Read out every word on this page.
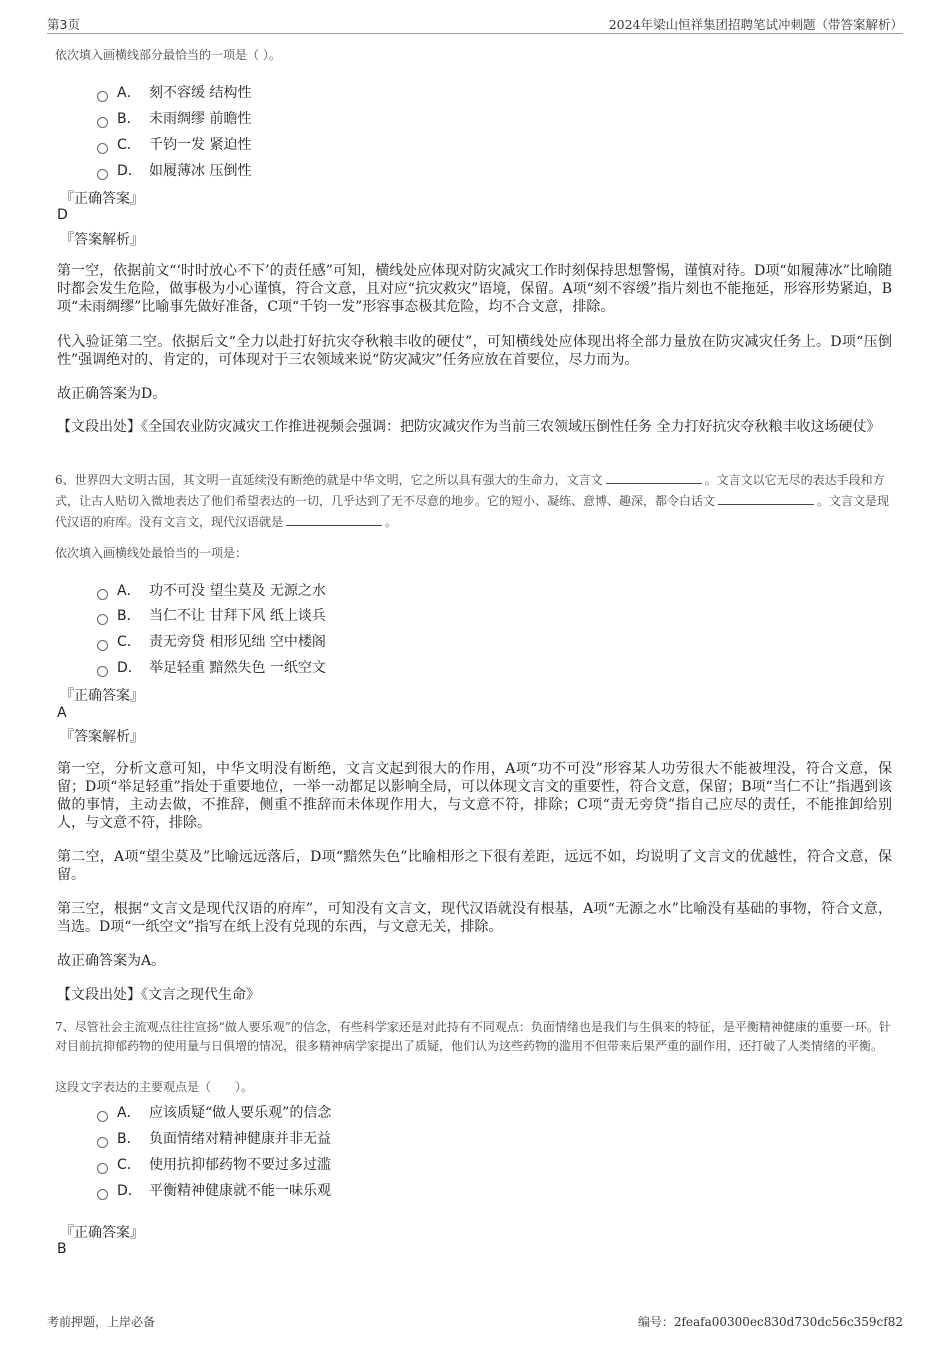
第3页	2024年梁山恒祥集团招聘笔试冲刺题（带答案解析）
依次填入画横线部分最恰当的一项是（ ）。
A． 刻不容缓 结构性
B． 未雨绸缪 前瞻性
C． 千钧一发 紧迫性
D． 如履薄冰 压倒性
『正确答案』
D
『答案解析』
第一空，依据前文“‘时时放心不下’的责任感”可知，横线处应体现对防灾减灾工作时刻保持思想警惕，谨慎对待。D项“如履薄冰”比喻随时都会发生危险，做事极为小心谨慎，符合文意，且对应“抗灾救灾”语境，保留。A项“刻不容缓”指片刻也不能拖延，形容形势紧迫，B项“未雨绸缪”比喻事先做好准备，C项“千钧一发”形容事态极其危险，均不合文意，排除。
代入验证第二空。依据后文“全力以赴打好抗灾夺秋粮丰收的硬仗”，可知横线处应体现出将全部力量放在防灾减灾任务上。D项“压倒性”强调绝对的、肯定的，可体现对于三农领域来说“防灾减灾”任务应放在首要位，尽力而为。
故正确答案为D。
【文段出处】《全国农业防灾减灾工作推进视频会强调：把防灾减灾作为当前三农领域压倒性任务 全力打好抗灾夺秋粮丰收这场硬仗》
6、世界四大文明古国，其文明一直延续没有断绝的就是中华文明，它之所以具有强大的生命力，文言文	。文言文以它无尽的表达手段和方式，让古人贴切入微地表达了他们希望表达的一切，几乎达到了无不尽意的地步。它的短小、凝练、意博、趣深，都令白话文	。文言文是现代汉语的府库。没有文言文，现代汉语就是	。
依次填入画横线处最恰当的一项是：
A． 功不可没 望尘莫及 无源之水
B． 当仁不让 甘拜下风 纸上谈兵
C． 责无旁贷 相形见绌 空中楼阁
D． 举足轻重 黯然失色 一纸空文
『正确答案』
A
『答案解析』
第一空，分析文意可知，中华文明没有断绝，文言文起到很大的作用，A项“功不可没”形容某人功劳很大不能被埋没，符合文意，保留；D项“举足轻重”指处于重要地位，一举一动都足以影响全局，可以体现文言文的重要性，符合文意，保留；B项“当仁不让”指遇到该做的事情，主动去做，不推辞，侧重不推辞而未体现作用大，与文意不符，排除；C项“责无旁贷”指自己应尽的责任，不能推卸给别人，与文意不符，排除。
第二空，A项“望尘莫及”比喻远远落后，D项“黯然失色”比喻相形之下很有差距，远远不如，均说明了文言文的优越性，符合文意，保留。
第三空，根据“文言文是现代汉语的府库”，可知没有文言文，现代汉语就没有根基，A项“无源之水”比喻没有基础的事物，符合文意，当选。D项“一纸空文”指写在纸上没有兑现的东西，与文意无关，排除。
故正确答案为A。
【文段出处】《文言之现代生命》
7、尽管社会主流观点往往宣扬“做人要乐观”的信念，有些科学家还是对此持有不同观点：负面情绪也是我们与生俱来的特征，是平衡精神健康的重要一环。针对目前抗抑郁药物的使用量与日俱增的情况，很多精神病学家提出了质疑，他们认为这些药物的滥用不但带来后果严重的副作用，还打破了人类情绪的平衡。
这段文字表达的主要观点是（　　）。
A． 应该质疑“做人要乐观”的信念
B． 负面情绪对精神健康并非无益
C． 使用抗抑郁药物不要过多过滥
D． 平衡精神健康就不能一味乐观
『正确答案』
B
考前押题，上岸必备	编号：2feafa00300ec830d730dc56c359cf82
